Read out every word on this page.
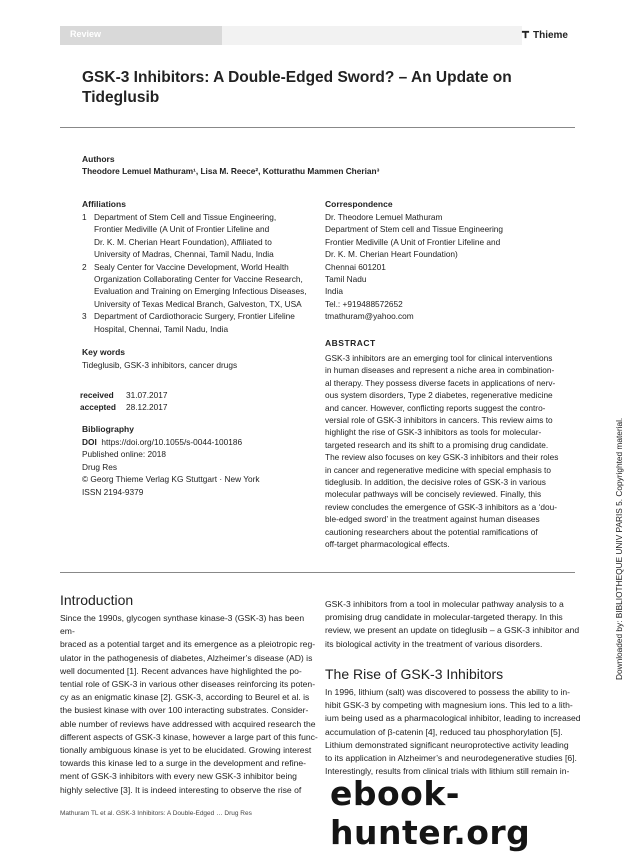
Review	Thieme
GSK-3 Inhibitors: A Double-Edged Sword? – An Update on Tideglusib
Authors
Theodore Lemuel Mathuram¹, Lisa M. Reece², Kotturathu Mammen Cherian³
Affiliations
1 Department of Stem Cell and Tissue Engineering,
Frontier Mediville (A Unit of Frontier Lifeline and
Dr. K. M. Cherian Heart Foundation), Affiliated to
University of Madras, Chennai, Tamil Nadu, India
2 Sealy Center for Vaccine Development, World Health
Organization Collaborating Center for Vaccine Research,
Evaluation and Training on Emerging Infectious Diseases,
University of Texas Medical Branch, Galveston, TX, USA
3 Department of Cardiothoracic Surgery, Frontier Lifeline
Hospital, Chennai, Tamil Nadu, India
Key words
Tideglusib, GSK-3 inhibitors, cancer drugs
received	31.07.2017
accepted	28.12.2017
Bibliography
DOI https://doi.org/10.1055/s-0044-100186
Published online: 2018
Drug Res
© Georg Thieme Verlag KG Stuttgart · New York
ISSN 2194-9379
Correspondence
Dr. Theodore Lemuel Mathuram
Department of Stem cell and Tissue Engineering
Frontier Mediville (A Unit of Frontier Lifeline and
Dr. K. M. Cherian Heart Foundation)
Chennai 601201
Tamil Nadu
India
Tel.: +919488572652
tmathuram@yahoo.com
ABSTRACT
GSK-3 inhibitors are an emerging tool for clinical interventions
in human diseases and represent a niche area in combination-
al therapy. They possess diverse facets in applications of nerv-
ous system disorders, Type 2 diabetes, regenerative medicine
and cancer. However, conflicting reports suggest the contro-
versial role of GSK-3 inhibitors in cancers. This review aims to
highlight the rise of GSK-3 inhibitors as tools for molecular-
targeted research and its shift to a promising drug candidate.
The review also focuses on key GSK-3 inhibitors and their roles
in cancer and regenerative medicine with special emphasis to
tideglusib. In addition, the decisive roles of GSK-3 in various
molecular pathways will be concisely reviewed. Finally, this
review concludes the emergence of GSK-3 inhibitors as a ‘dou-
ble-edged sword’ in the treatment against human diseases
cautioning researchers about the potential ramifications of
off-target pharmacological effects.	Downloaded by: BIBLIOTHEQUE UNIV PARIS 5. Copyrighted material.
Introduction
Since the 1990s, glycogen synthase kinase-3 (GSK-3) has been em-
braced as a potential target and its emergence as a pleiotropic reg-
ulator in the pathogenesis of diabetes, Alzheimer’s disease (AD) is
well documented [1]. Recent advances have highlighted the po-
tential role of GSK-3 in various other diseases reinforcing its poten-
cy as an enigmatic kinase [2]. GSK-3, according to Beurel et al. is
the busiest kinase with over 100 interacting substrates. Consider-
able number of reviews have addressed with acquired research the
different aspects of GSK-3 kinase, however a large part of this func-
tionally ambiguous kinase is yet to be elucidated. Growing interest
towards this kinase led to a surge in the development and refine-
ment of GSK-3 inhibitors with every new GSK-3 inhibitor being
highly selective [3]. It is indeed interesting to observe the rise of
GSK-3 inhibitors from a tool in molecular pathway analysis to a
promising drug candidate in molecular-targeted therapy. In this
review, we present an update on tideglusib – a GSK-3 inhibitor and
its biological activity in the treatment of various disorders.
The Rise of GSK-3 Inhibitors
In 1996, lithium (salt) was discovered to possess the ability to in-
hibit GSK-3 by competing with magnesium ions. This led to a lith-
ium being used as a pharmacological inhibitor, leading to increased
accumulation of β-catenin [4], reduced tau phosphorylation [5].
Lithium demonstrated significant neuroprotective activity leading
to its application in Alzheimer’s and neurodegenerative studies [6].
Interestingly, results from clinical trials with lithium still remain in-
Mathuram TL et al. GSK-3 Inhibitors: A Double-Edged … Drug Res
ebook-hunter.org
